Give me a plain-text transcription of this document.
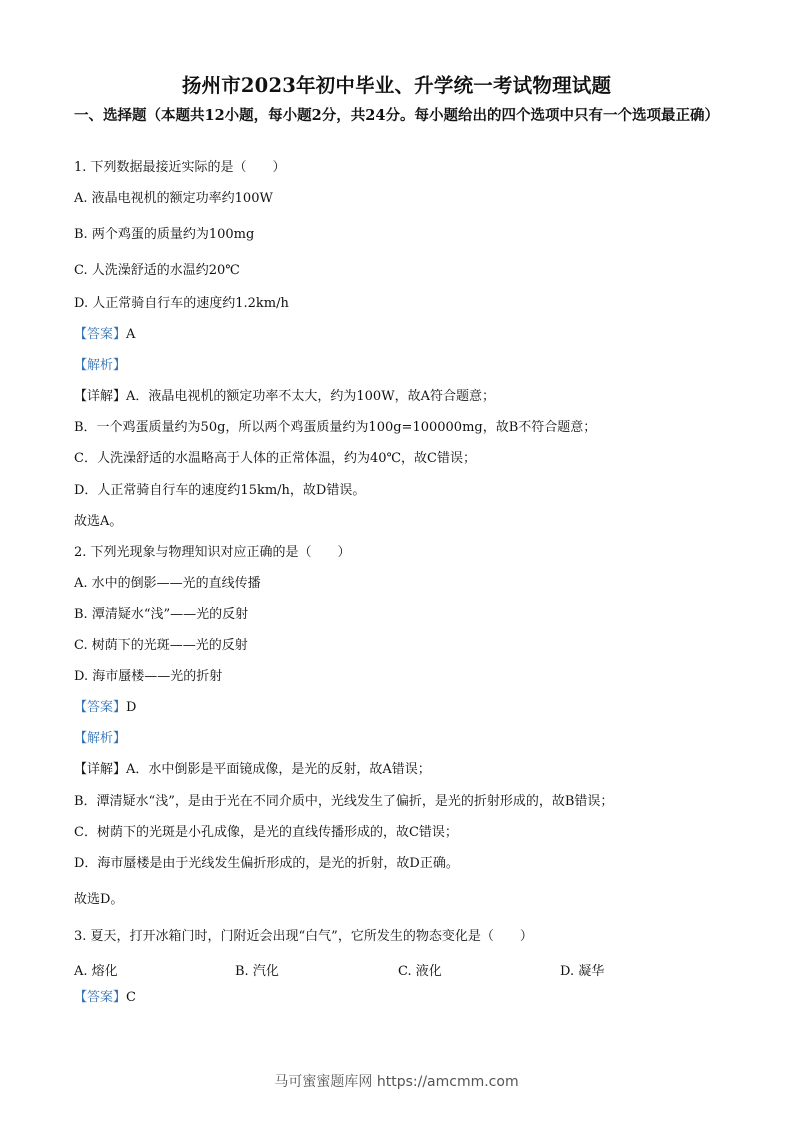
扬州市2023年初中毕业、升学统一考试物理试题
一、选择题（本题共12小题，每小题2分，共24分。每小题给出的四个选项中只有一个选项最正确）
1. 下列数据最接近实际的是（　　）
A. 液晶电视机的额定功率约100W
B. 两个鸡蛋的质量约为100mg
C. 人洗澡舒适的水温约20℃
D. 人正常骑自行车的速度约1.2km/h
【答案】A
【解析】
【详解】A．液晶电视机的额定功率不太大，约为100W，故A符合题意；
B．一个鸡蛋质量约为50g，所以两个鸡蛋质量约为100g=100000mg，故B不符合题意；
C．人洗澡舒适的水温略高于人体的正常体温，约为40℃，故C错误；
D．人正常骑自行车的速度约15km/h，故D错误。
故选A。
2. 下列光现象与物理知识对应正确的是（　　）
A. 水中的倒影——光的直线传播
B. 潭清疑水“浅”——光的反射
C. 树荫下的光斑——光的反射
D. 海市蜃楼——光的折射
【答案】D
【解析】
【详解】A．水中倒影是平面镜成像，是光的反射，故A错误；
B．潭清疑水“浅”，是由于光在不同介质中，光线发生了偏折，是光的折射形成的，故B错误；
C．树荫下的光斑是小孔成像，是光的直线传播形成的，故C错误；
D．海市蜃楼是由于光线发生偏折形成的，是光的折射，故D正确。
故选D。
3. 夏天，打开冰箱门时，门附近会出现“白气”，它所发生的物态变化是（　　）
A. 熔化	B. 汽化	C. 液化	D. 凝华
【答案】C
马可蜜蜜题库网 https://amcmm.com
